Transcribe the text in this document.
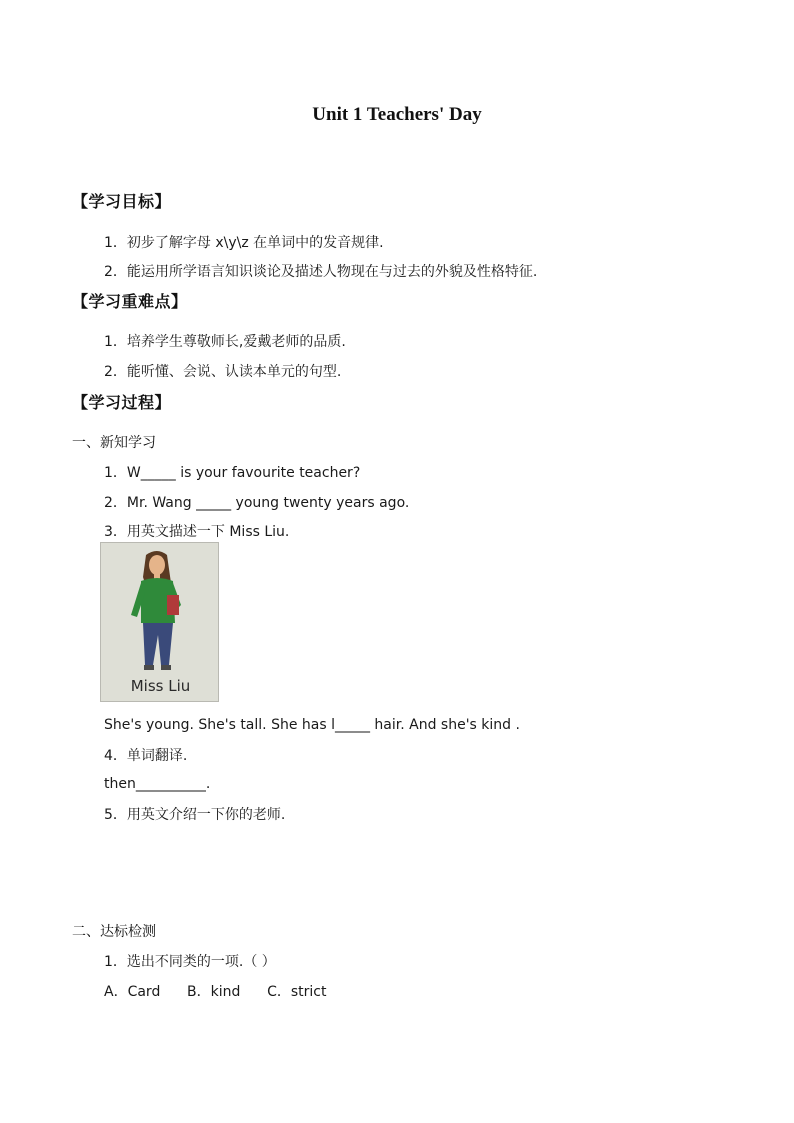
Unit 1 Teachers' Day
【学习目标】
1．初步了解字母 x\y\z 在单词中的发音规律.
2．能运用所学语言知识谈论及描述人物现在与过去的外貌及性格特征.
【学习重难点】
1．培养学生尊敬师长,爱戴老师的品质.
2．能听懂、会说、认读本单元的句型.
【学习过程】
一、新知学习
1．W_____ is your favourite teacher?
2．Mr. Wang _____ young twenty years ago.
3．用英文描述一下 Miss Liu.
Miss Liu
She's young. She's tall. She has l_____ hair. And she's kind .
4．单词翻译.
then__________.
5．用英文介绍一下你的老师.
二、达标检测
1．选出不同类的一项.（ ）
A．Card      B．kind      C．strict
